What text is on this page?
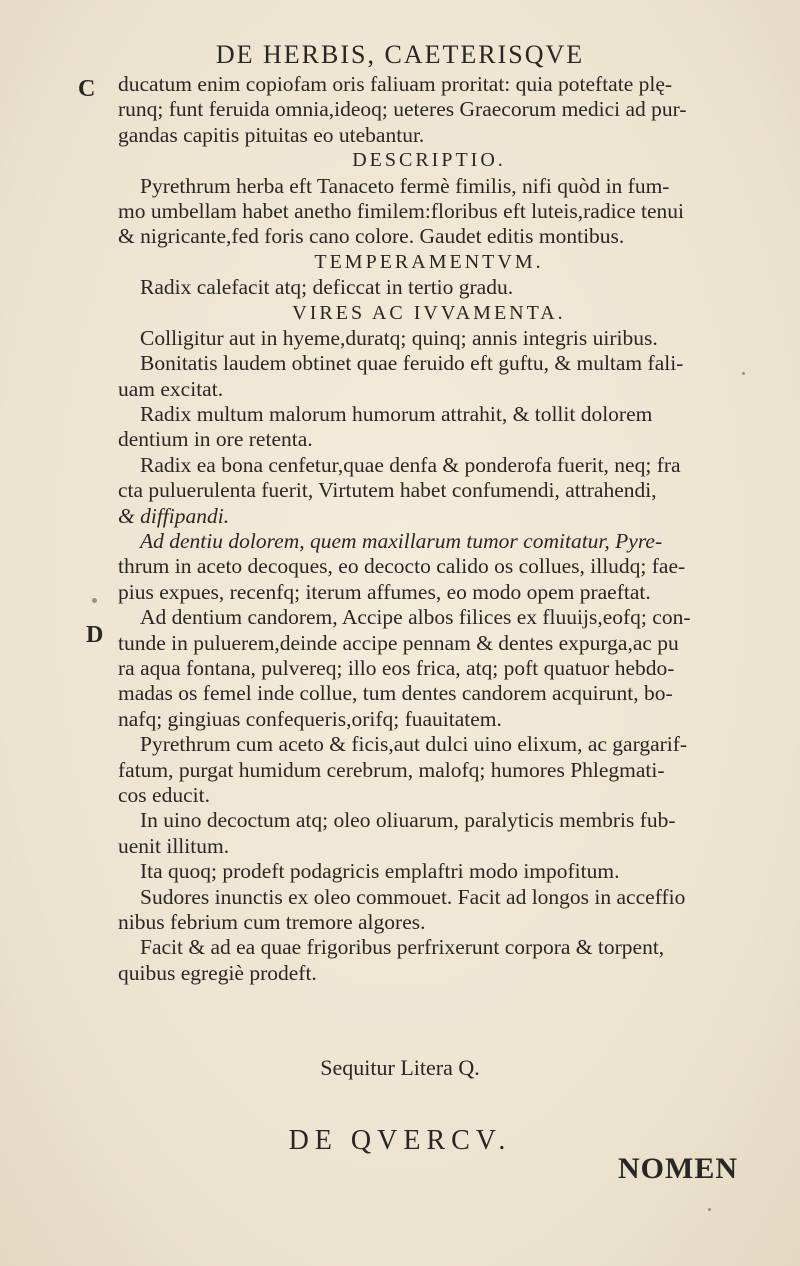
DE HERBIS, CAETERISQVE
C
D
ducatum enim copiofam oris faliuam proritat: quia poteftate plę-
runq; funt feruida omnia,ideoq; ueteres Graecorum medici ad pur-
gandas capitis pituitas eo utebantur.
DESCRIPTIO.
Pyrethrum herba eft Tanaceto fermè fimilis, nifi quòd in fum-
mo umbellam habet anetho fimilem:floribus eft luteis,radice tenui
& nigricante,fed foris cano colore. Gaudet editis montibus.
TEMPERAMENTVM.
Radix calefacit atq; deficcat in tertio gradu.
VIRES AC IVVAMENTA.
Colligitur aut in hyeme,duratq; quinq; annis integris uiribus.
Bonitatis laudem obtinet quae feruido eft guftu, & multam fali-
uam excitat.
Radix multum malorum humorum attrahit, & tollit dolorem
dentium in ore retenta.
Radix ea bona cenfetur,quae denfa & ponderofa fuerit, neq; fra
cta puluerulenta fuerit, Virtutem habet confumendi, attrahendi,
& diffipandi.
Ad dentiu dolorem, quem maxillarum tumor comitatur, Pyre-
thrum in aceto decoques, eo decocto calido os collues, illudq; fae-
pius expues, recenfq; iterum affumes, eo modo opem praeftat.
Ad dentium candorem, Accipe albos filices ex fluuijs,eofq; con-
tunde in puluerem,deinde accipe pennam & dentes expurga,ac pu
ra aqua fontana, pulvereq; illo eos frica, atq; poft quatuor hebdo-
madas os femel inde collue, tum dentes candorem acquirunt, bo-
nafq; gingiuas confequeris,orifq; fuauitatem.
Pyrethrum cum aceto & ficis,aut dulci uino elixum, ac gargarif-
fatum, purgat humidum cerebrum, malofq; humores Phlegmati-
cos educit.
In uino decoctum atq; oleo oliuarum, paralyticis membris fub-
uenit illitum.
Ita quoq; prodeft podagricis emplaftri modo impofitum.
Sudores inunctis ex oleo commouet. Facit ad longos in acceffio
nibus febrium cum tremore algores.
Facit & ad ea quae frigoribus perfrixerunt corpora & torpent,
quibus egregiè prodeft.
Sequitur Litera Q.
DE QVERCV.
NOMEN
